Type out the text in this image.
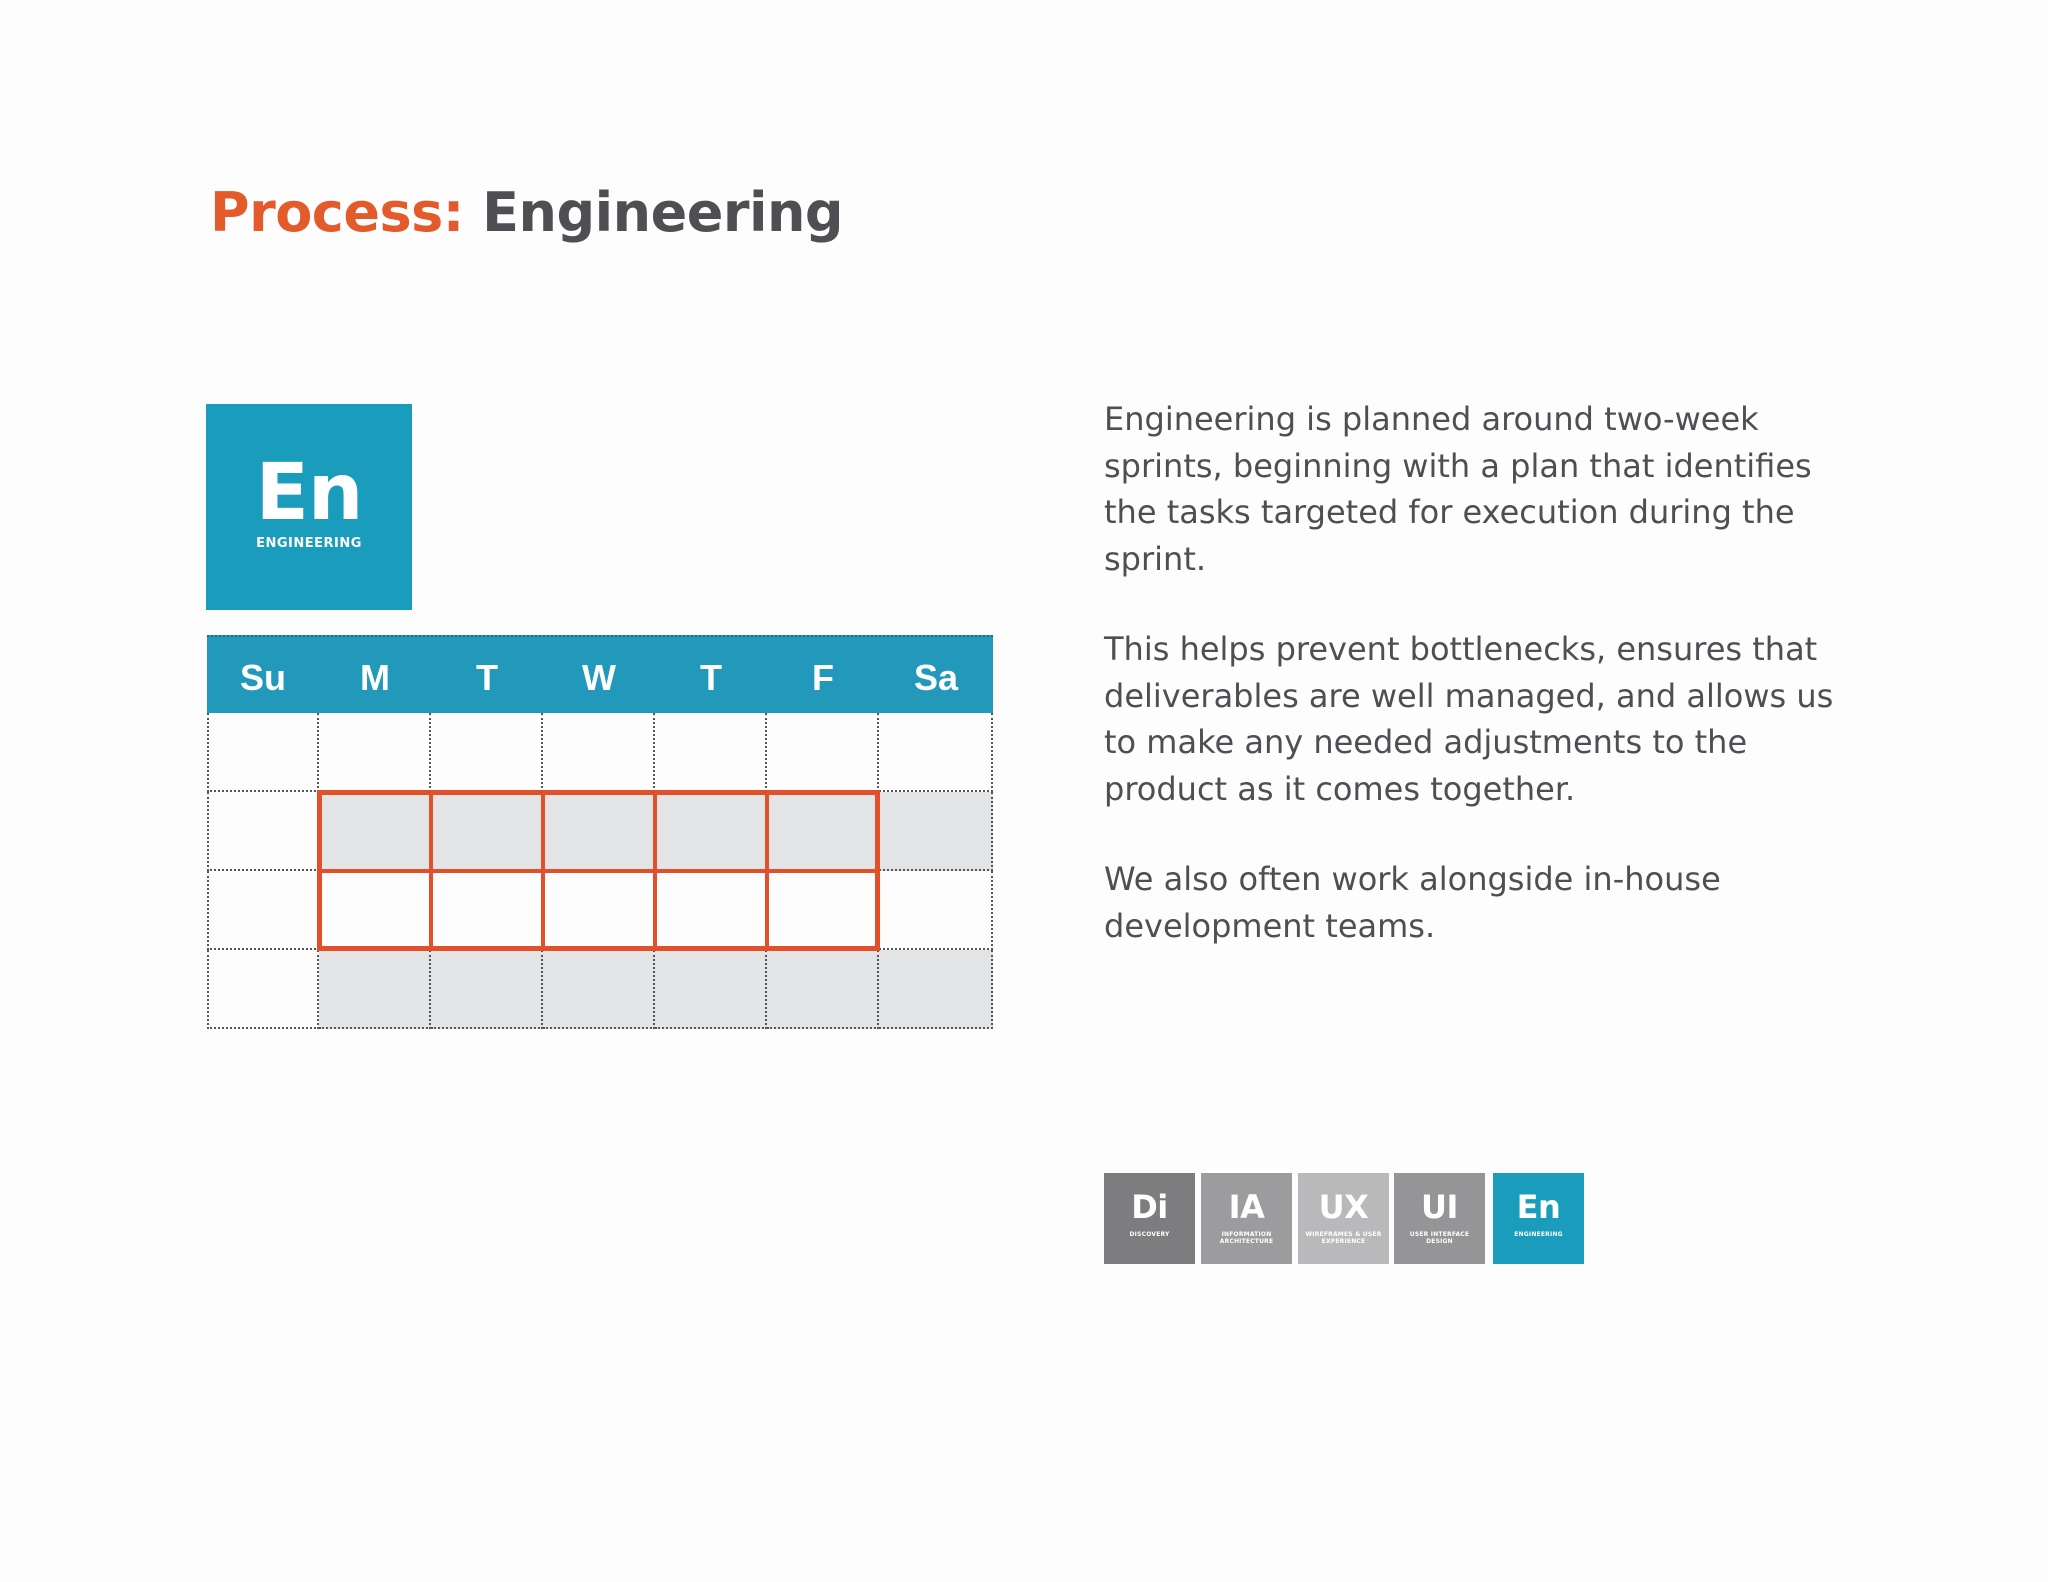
Process: Engineering
En
ENGINEERING
Su	M	T	W	T	F	Sa

Engineering is planned around two-week sprints, beginning with a plan that identifies the tasks targeted for execution during the sprint.

This helps prevent bottlenecks, ensures that deliverables are well managed, and allows us to make any needed adjustments to the product as it comes together.

We also often work alongside in-house development teams.

Di
DISCOVERY
IA
INFORMATION ARCHITECTURE
UX
WIREFRAMES & USER EXPERIENCE
UI
USER INTERFACE DESIGN
En
ENGINEERING
